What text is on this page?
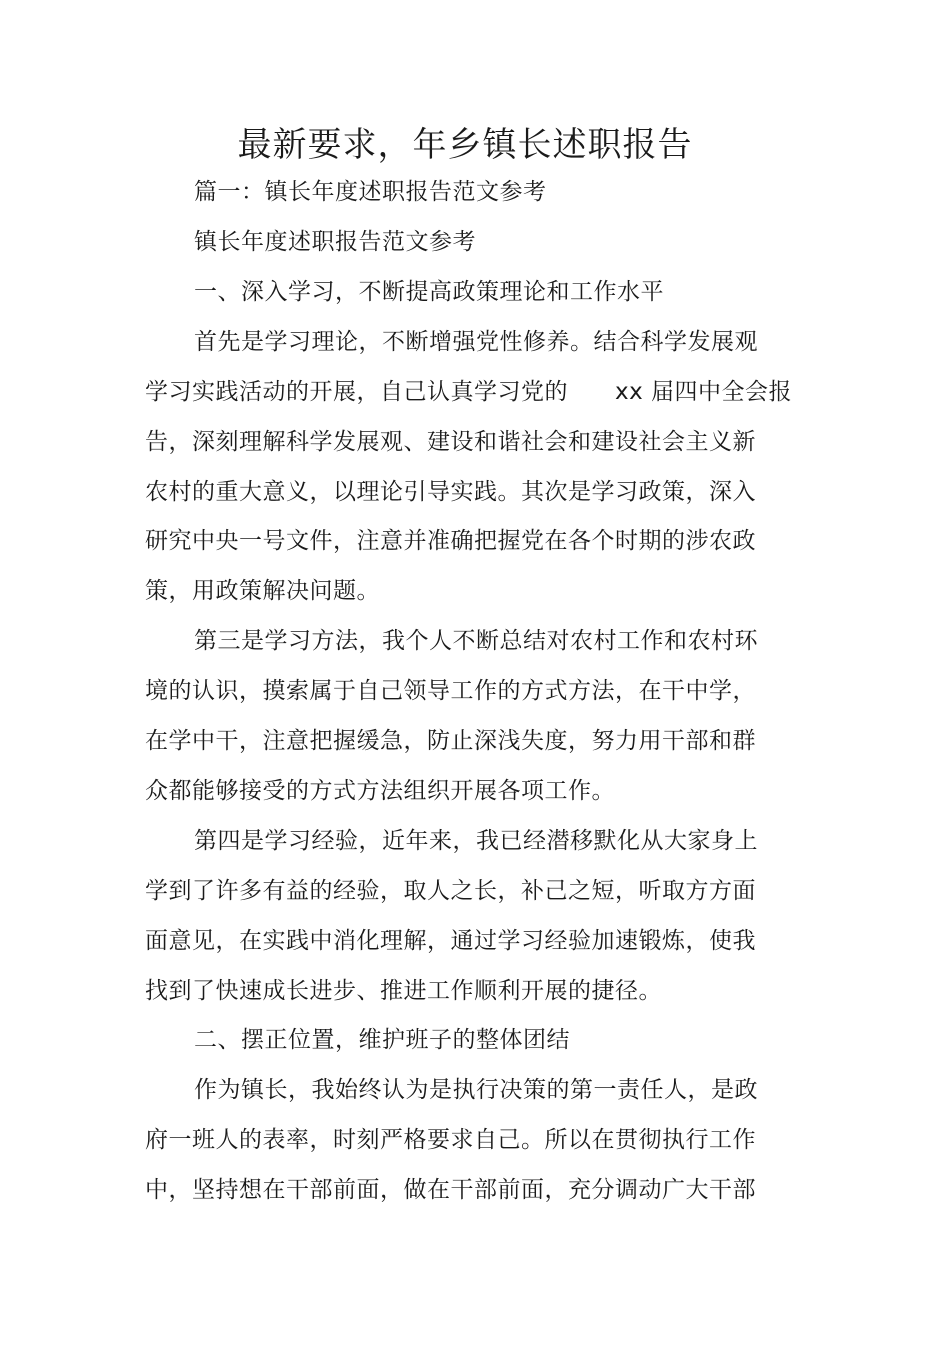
最新要求，年乡镇长述职报告
篇一：镇长年度述职报告范文参考
镇长年度述职报告范文参考
一、深入学习，不断提高政策理论和工作水平
首先是学习理论，不断增强党性修养。结合科学发展观
学习实践活动的开展，自己认真学习党的　　xx 届四中全会报
告，深刻理解科学发展观、建设和谐社会和建设社会主义新
农村的重大意义，以理论引导实践。其次是学习政策，深入
研究中央一号文件，注意并准确把握党在各个时期的涉农政
策，用政策解决问题。
第三是学习方法，我个人不断总结对农村工作和农村环
境的认识，摸索属于自己领导工作的方式方法，在干中学，
在学中干，注意把握缓急，防止深浅失度，努力用干部和群
众都能够接受的方式方法组织开展各项工作。
第四是学习经验，近年来，我已经潜移默化从大家身上
学到了许多有益的经验，取人之长，补己之短，听取方方面
面意见，在实践中消化理解，通过学习经验加速锻炼，使我
找到了快速成长进步、推进工作顺利开展的捷径。
二、摆正位置，维护班子的整体团结
作为镇长，我始终认为是执行决策的第一责任人，是政
府一班人的表率，时刻严格要求自己。所以在贯彻执行工作
中，坚持想在干部前面，做在干部前面，充分调动广大干部
